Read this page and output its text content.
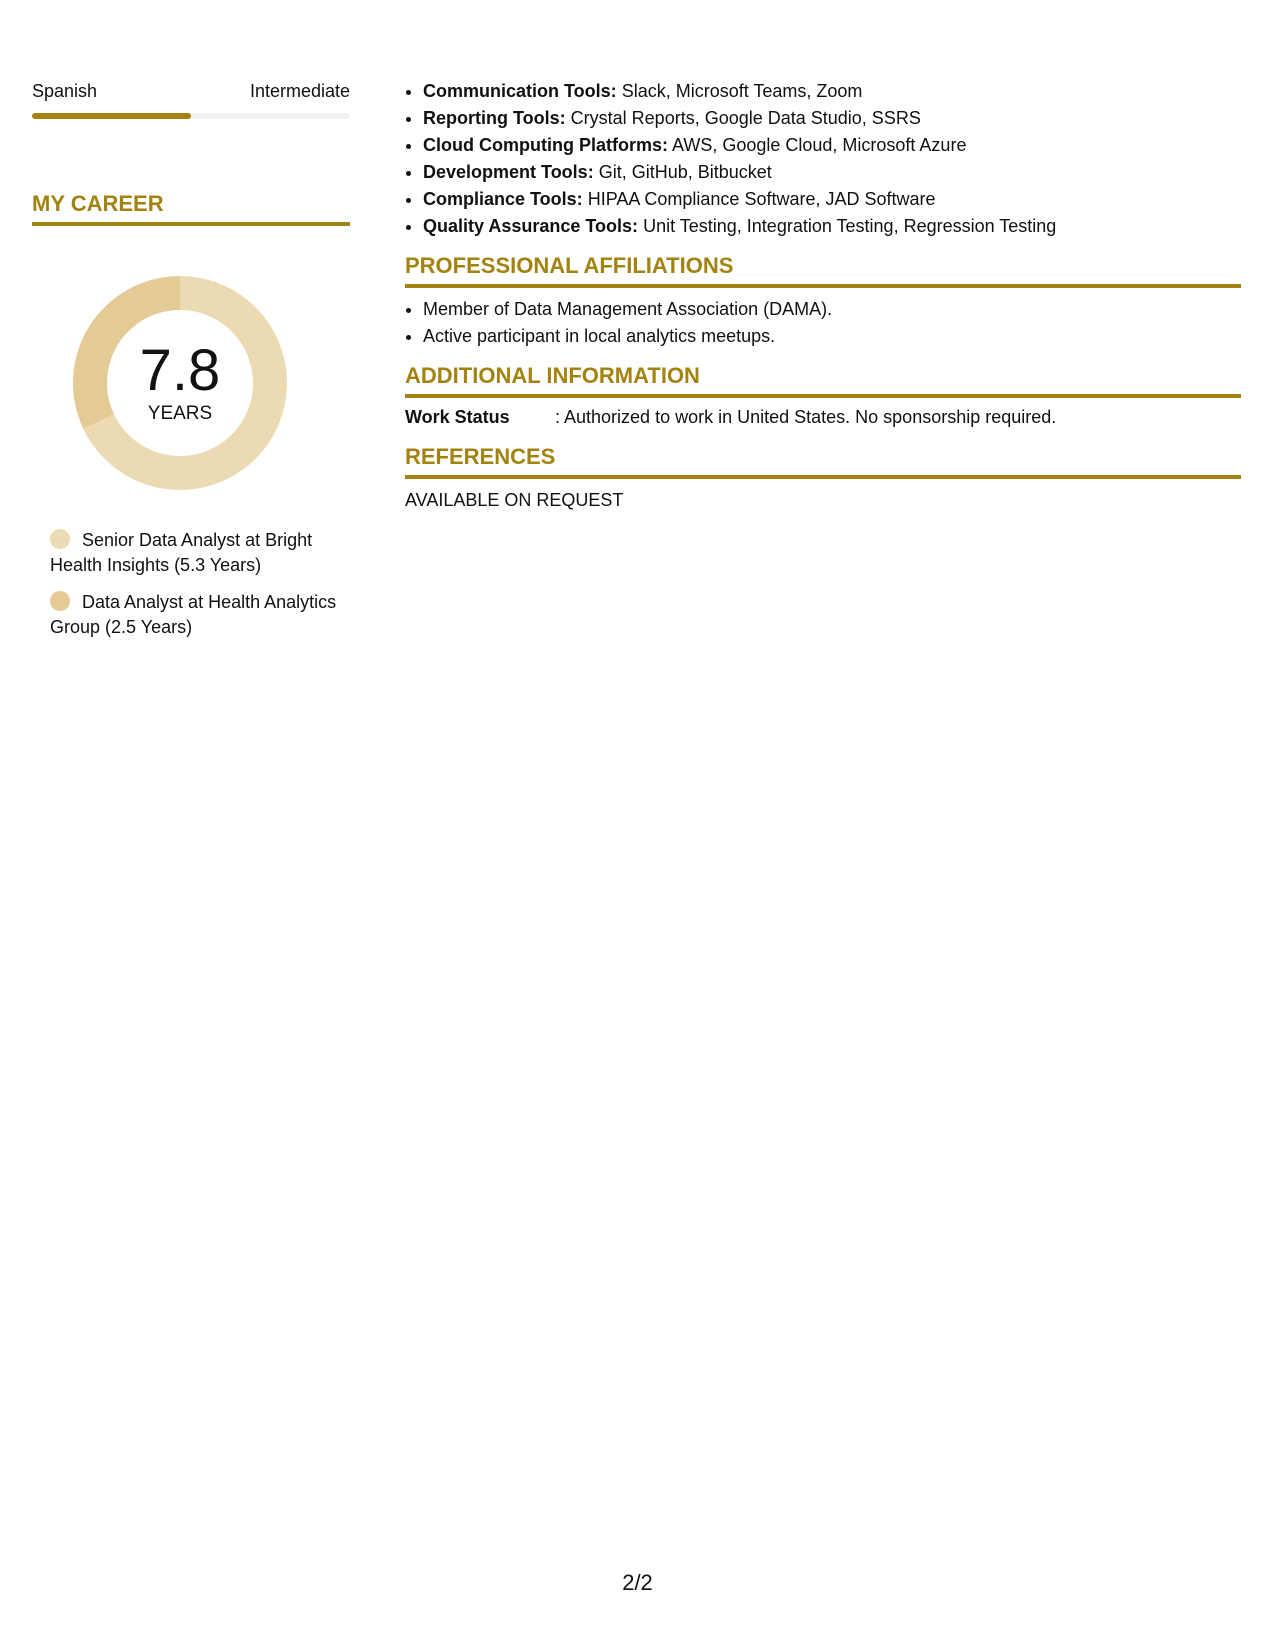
Spanish	Intermediate
MY CAREER
7.8
YEARS
Senior Data Analyst at Bright Health Insights (5.3 Years)
Data Analyst at Health Analytics Group (2.5 Years)
• Communication Tools: Slack, Microsoft Teams, Zoom
• Reporting Tools: Crystal Reports, Google Data Studio, SSRS
• Cloud Computing Platforms: AWS, Google Cloud, Microsoft Azure
• Development Tools: Git, GitHub, Bitbucket
• Compliance Tools: HIPAA Compliance Software, JAD Software
• Quality Assurance Tools: Unit Testing, Integration Testing, Regression Testing
PROFESSIONAL AFFILIATIONS
• Member of Data Management Association (DAMA).
• Active participant in local analytics meetups.
ADDITIONAL INFORMATION
Work Status	: Authorized to work in United States. No sponsorship required.
REFERENCES
AVAILABLE ON REQUEST
2/2
